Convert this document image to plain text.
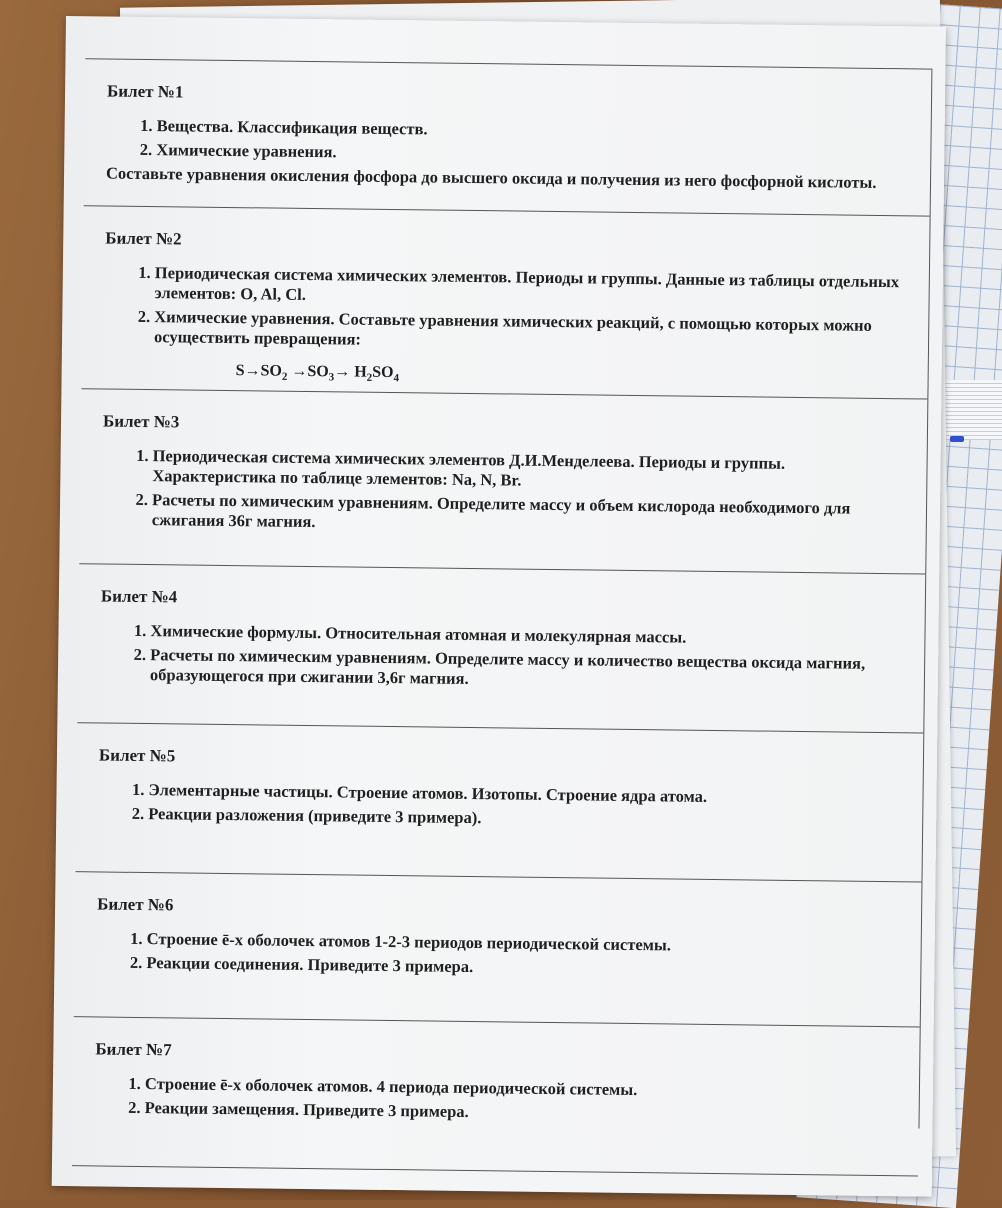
Билет №1
1. Вещества. Классификация веществ.
2. Химические уравнения.
Составьте уравнения окисления фосфора до высшего оксида и получения из него фосфорной кислоты.
Билет №2
1. Периодическая система химических элементов. Периоды и группы. Данные из таблицы отдельных элементов: O, Al, Cl.
2. Химические уравнения. Составьте уравнения химических реакций, с помощью которых можно осуществить превращения:
$S\to SO_2 \to SO_3\to H_2SO_4$
Билет №3
1. Периодическая система химических элементов Д.И.Менделеева. Периоды и группы. Характеристика по таблице элементов: Na, N, Br.
2. Расчеты по химическим уравнениям. Определите массу и объем кислорода необходимого для сжигания 36г магния.
Билет №4
1. Химические формулы. Относительная атомная и молекулярная массы.
2. Расчеты по химическим уравнениям. Определите массу и количество вещества оксида магния, образующегося при сжигании 3,6г магния.
Билет №5
1. Элементарные частицы. Строение атомов. Изотопы. Строение ядра атома.
2. Реакции разложения (приведите 3 примера).
Билет №6
1. Строение ē-х оболочек атомов 1-2-3 периодов периодической системы.
2. Реакции соединения. Приведите 3 примера.
Билет №7
1. Строение ē-х оболочек атомов. 4 периода периодической системы.
2. Реакции замещения. Приведите 3 примера.
